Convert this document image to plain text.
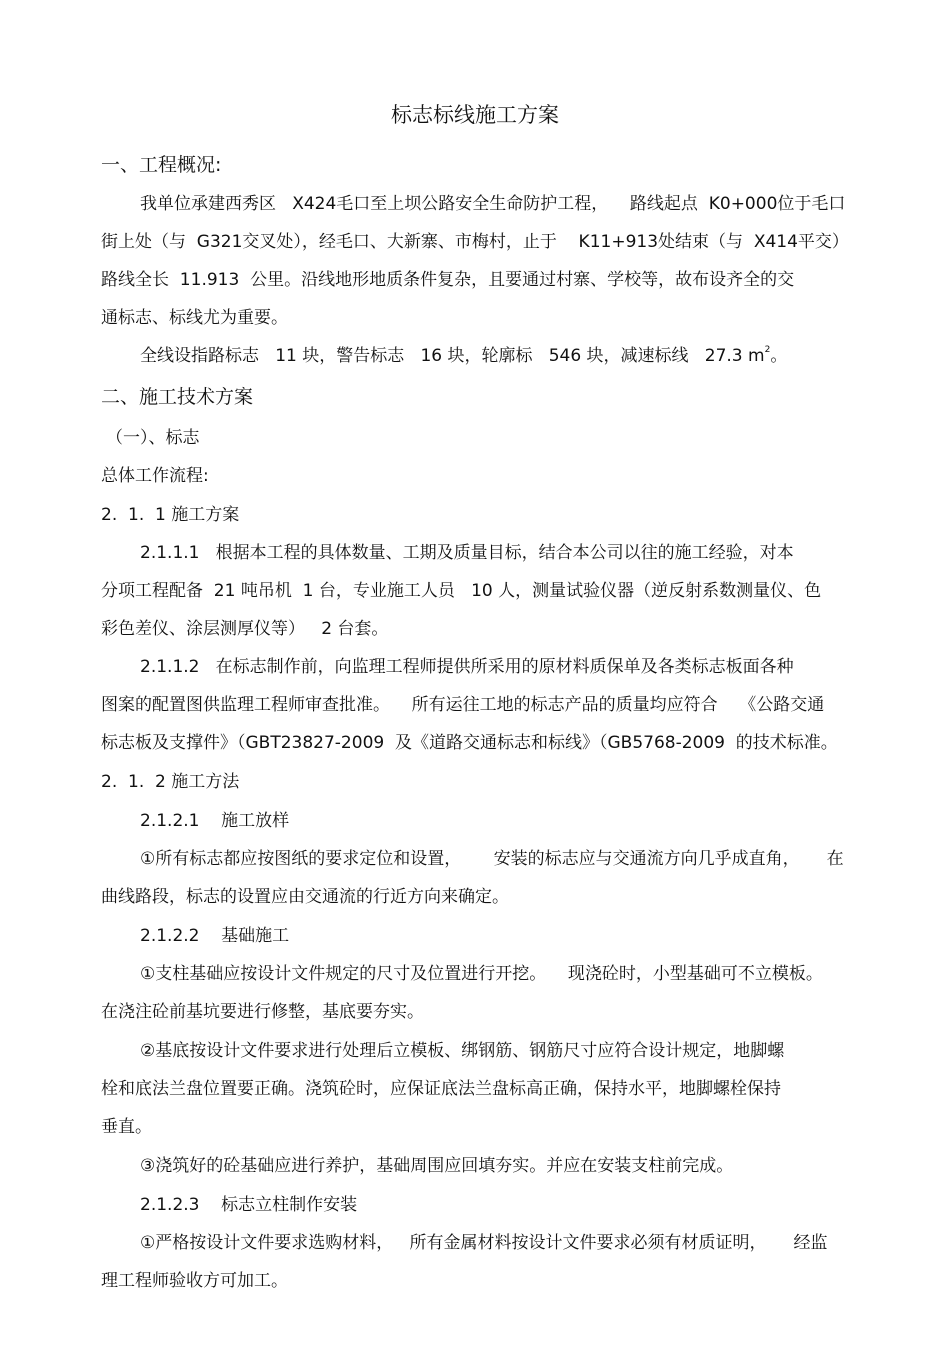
标志标线施工方案
一、工程概况:
我单位承建西秀区   X424毛口至上坝公路安全生命防护工程，    路线起点  K0+000位于毛口
街上处（与  G321交叉处），经毛口、大新寨、市梅村，止于    K11+913处结束（与  X414平交）
路线全长  11.913  公里。沿线地形地质条件复杂，且要通过村寨、学校等，故布设齐全的交
通标志、标线尤为重要。
全线设指路标志   11 块，警告标志   16 块，轮廓标   546 块，减速标线   27.3 $m^2$。
二、施工技术方案
（一）、标志
总体工作流程:
2.  1.  1 施工方案
2.1.1.1   根据本工程的具体数量、工期及质量目标，结合本公司以往的施工经验，对本
分项工程配备  21 吨吊机  1 台，专业施工人员   10 人，测量试验仪器（逆反射系数测量仪、色
彩色差仪、涂层测厚仪等）   2 台套。
2.1.1.2   在标志制作前，向监理工程师提供所采用的原材料质保单及各类标志板面各种
图案的配置图供监理工程师审查批准。    所有运往工地的标志产品的质量均应符合    《公路交通
标志板及支撑件》（GBT23827-2009  及《道路交通标志和标线》（GB5768-2009  的技术标准。
2.  1.  2 施工方法
2.1.2.1    施工放样
①所有标志都应按图纸的要求定位和设置，      安装的标志应与交通流方向几乎成直角，     在
曲线路段，标志的设置应由交通流的行近方向来确定。
2.1.2.2    基础施工
①支柱基础应按设计文件规定的尺寸及位置进行开挖。    现浇砼时，小型基础可不立模板。
在浇注砼前基坑要进行修整，基底要夯实。
②基底按设计文件要求进行处理后立模板、绑钢筋、钢筋尺寸应符合设计规定，地脚螺
栓和底法兰盘位置要正确。浇筑砼时，应保证底法兰盘标高正确，保持水平，地脚螺栓保持
垂直。
③浇筑好的砼基础应进行养护，基础周围应回填夯实。并应在安装支柱前完成。
2.1.2.3    标志立柱制作安装
①严格按设计文件要求选购材料，   所有金属材料按设计文件要求必须有材质证明，     经监
理工程师验收方可加工。
